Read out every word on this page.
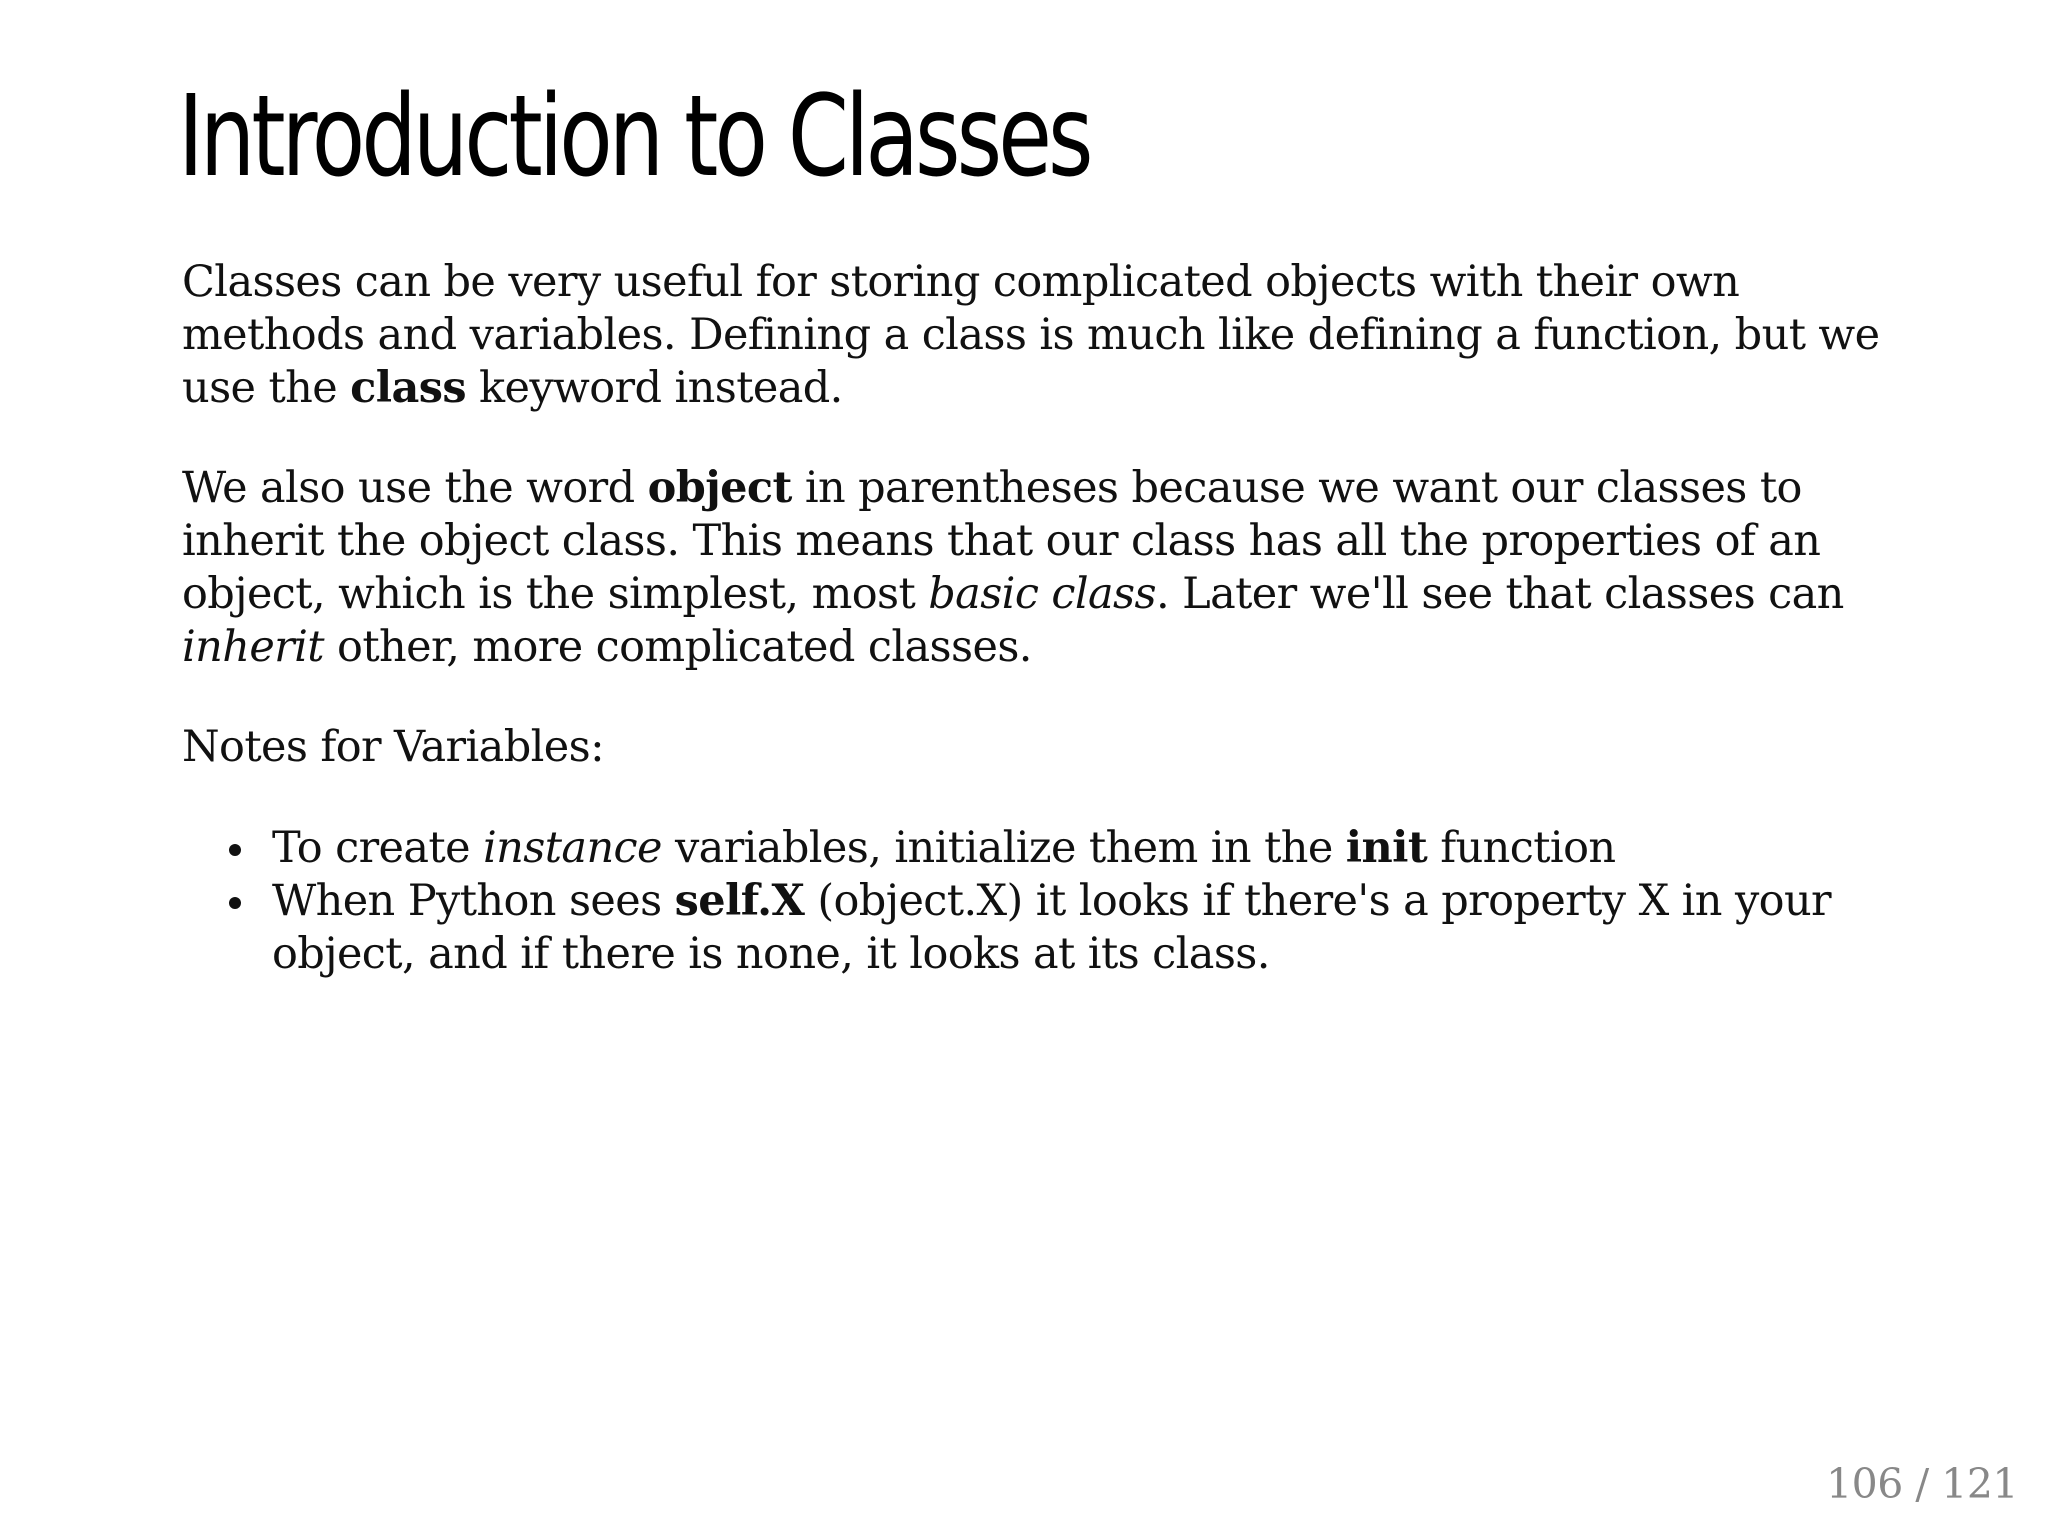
Introduction to Classes

Classes can be very useful for storing complicated objects with their own methods and variables. Defining a class is much like defining a function, but we use the class keyword instead.

We also use the word object in parentheses because we want our classes to inherit the object class. This means that our class has all the properties of an object, which is the simplest, most basic class. Later we'll see that classes can inherit other, more complicated classes.

Notes for Variables:

To create instance variables, initialize them in the init function
When Python sees self.X (object.X) it looks if there's a property X in your object, and if there is none, it looks at its class.
106 / 121
